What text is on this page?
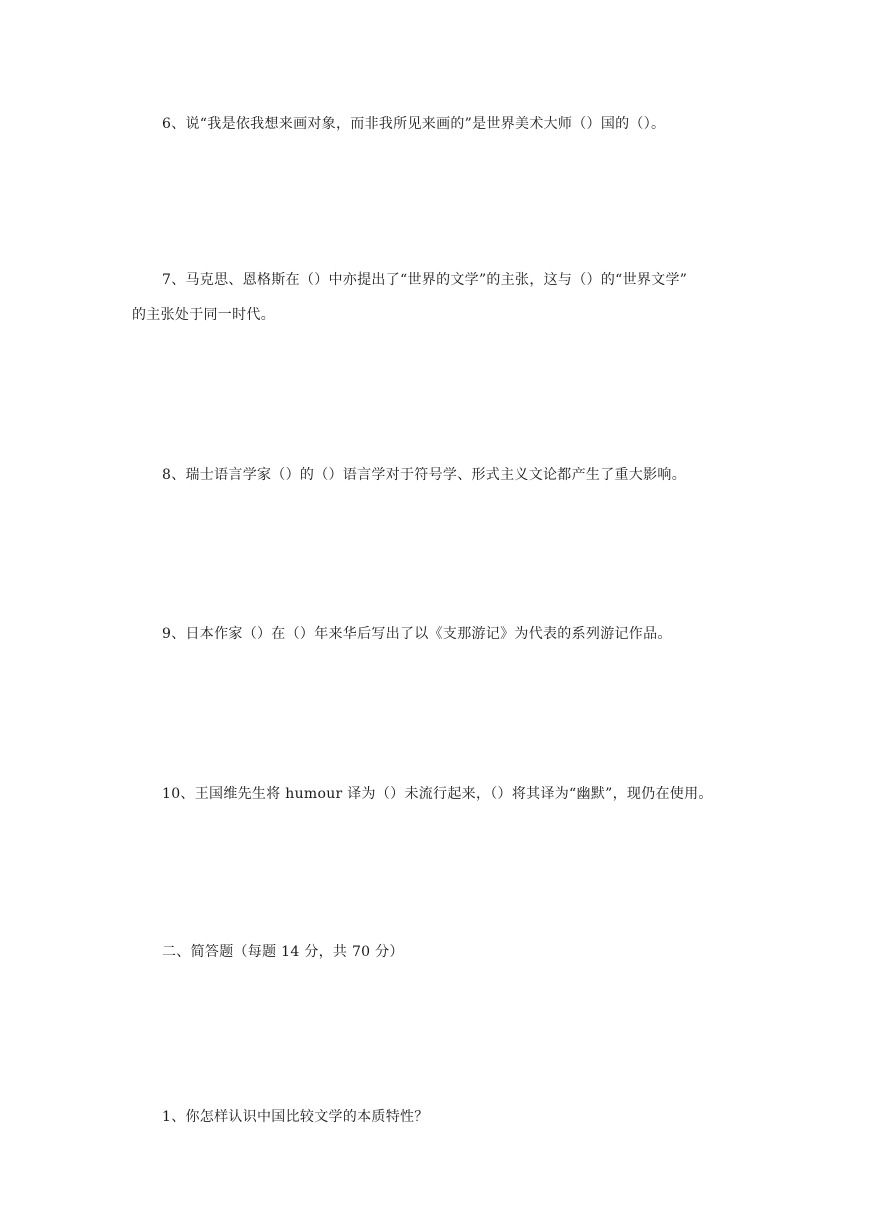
6、说“我是依我想来画对象，而非我所见来画的”是世界美术大师（）国的（）。
7、马克思、恩格斯在（）中亦提出了“世界的文学”的主张，这与（）的“世界文学”
的主张处于同一时代。
8、瑞士语言学家（）的（）语言学对于符号学、形式主义文论都产生了重大影响。
9、日本作家（）在（）年来华后写出了以《支那游记》为代表的系列游记作品。
10、王国维先生将 humour 译为（）未流行起来，（）将其译为“幽默”，现仍在使用。
二、简答题（每题 14 分，共 70 分）
1、你怎样认识中国比较文学的本质特性？
